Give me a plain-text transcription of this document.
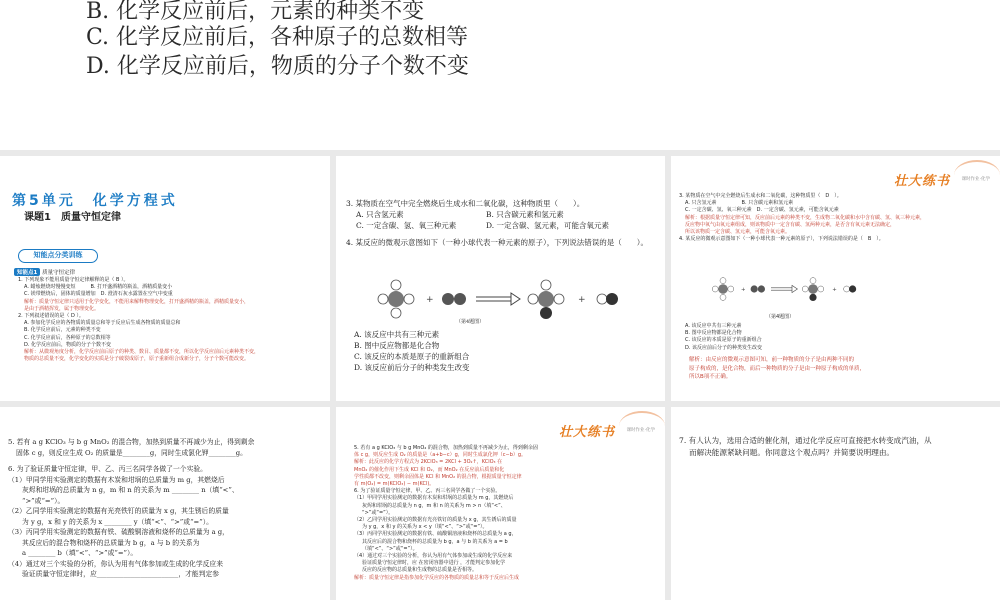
B. 化学反应前后，元素的种类不变
C. 化学反应前后，各种原子的总数相等
D. 化学反应前后，物质的分子个数不变
第5单元　化学方程式
课题1　质量守恒定律
知能点分类训练
知能点1 质量守恒定律
1. 下列现象不能用质量守恒定律解释的是（ B ）。
A. 蜡烛燃烧时慢慢变短　　　B. 打开盛酒精的瓶盖，酒精质量变小
C. 镁带燃烧后，固体的质量增加　D. 澄清石灰水露置在空气中变重
解析：质量守恒定律只适用于化学变化，不能用来解释物理变化，打开盛酒精的瓶盖，酒精质量变小，
是由于酒精挥发，属于物理变化。
2. 下列叙述错误的是（ D ）。
A. 参加化学反应的各物质的质量总和等于反应后生成各物质的质量总和
B. 化学反应前后，元素的种类不变
C. 化学反应前后，各种原子的总数相等
D. 化学反应前后，物质的分子个数不变
解析：从微观角度分析，化学反应前后原子的种类、数目、质量都不变，所以化学反应前后元素种类不变，
物质的总质量不变，化学变化的实质是分子破裂成原子，原子重新组合成新分子，分子个数可能改变。
3. 某物质在空气中完全燃烧后生成水和二氧化碳，这种物质里（　　）。
A. 只含氢元素	B. 只含碳元素和氢元素
C. 一定含碳、氢、氧三种元素	D. 一定含碳、氢元素，可能含氧元素
4. 某反应的微观示意图如下（一种小球代表一种元素的原子），下列说法错误的是（　　）。
+	+
（第4题图）
A. 该反应中共有三种元素
B. 图中反应物都是化合物
C. 该反应的本质是原子的重新组合
D. 该反应前后分子的种类发生改变
壮大练书	课时作业·化学
3. 某物质在空气中完全燃烧后生成水和二氧化碳，这种物质里（　D　）。
A. 只含氢元素　　　　　B. 只含碳元素和氢元素
C. 一定含碳、氢、氧三种元素　D. 一定含碳、氢元素，可能含氧元素
解析：根据质量守恒定律可知，反应前后元素的种类不变，生成物二氧化碳和水中含有碳、氢、氧三种元素，
反应物中氧气由氧元素组成，则该物质中一定含有碳、氢两种元素，是否含有氧元素无法确定，
所以该物质一定含碳、氢元素，可能含氧元素。
4. 某反应的微观示意图如下（一种小球代表一种元素的原子），下列说法错误的是（　B　）。
+	+
（第4题图）
A. 该反应中共有三种元素
B. 图中反应物都是化合物
C. 该反应的本质是原子的重新组合
D. 该反应前后分子的种类发生改变
解析：由反应的微观示意图可知，前一种物质的分子是由两种不同的
原子构成的，是化合物，而后一种物质的分子是由一种原子构成的单质，
所以B项不正确。
5. 若有 a g KClO₃ 与 b g MnO₂ 的混合物，加热到质量不再减少为止，得到剩余
固体 c g，则反应生成 O₂ 的质量是________g，同时生成氯化钾________g。
6. 为了验证质量守恒定律，甲、乙、丙三名同学各做了一个实验。
（1）甲同学用实验测定的数据有木炭和坩埚的总质量为 m g，其燃烧后
灰烬和坩埚的总质量为 n g，m 和 n 的关系为 m ________ n（填“<”、
“>”或“=”）。
（2）乙同学用实验测定的数据有光亮铁钉的质量为 x g，其生锈后的质量
为 y g，x 和 y 的关系为 x ________ y（填“<”、“>”或“=”）。
（3）丙同学用实验测定的数据有铁、硫酸铜溶液和烧杯的总质量为 a g，
其反应后的混合物和烧杯的总质量为 b g，a 与 b 的关系为
a ________ b（填“<”、“>”或“=”）。
（4）通过对三个实验的分析，你认为用有气体参加或生成的化学反应来
验证质量守恒定律时，应________________________，才能判定参
壮大练书	课时作业·化学
5. 若有 a g KClO₃ 与 b g MnO₂ 的混合物，加热到质量不再减少为止，得到剩余固
体 c g，则反应生成 O₂ 的质量是（a+b−c）g，同时生成氯化钾（c−b）g。
解析：此反应的化学方程式为 2KClO₃ = 2KCl + 3O₂↑，KClO₃ 在
MnO₂ 的催化作用下生成 KCl 和 O₂，而 MnO₂ 在反应前后质量和化
学性质都不改变，则剩余固体是 KCl 和 MnO₂ 的混合物，根据质量守恒定律
有 m(O₂) = m(KClO₃) − m(KCl)。
6. 为了验证质量守恒定律，甲、乙、丙三名同学各做了一个实验。
（1）甲同学用实验测定的数据有木炭和坩埚的总质量为 m g，其燃烧后
灰烬和坩埚的总质量为 n g，m 和 n 的关系为 m > n（填“<”、
“>”或“=”）。
（2）乙同学用实验测定的数据有光亮铁钉的质量为 x g，其生锈后的质量
为 y g，x 和 y 的关系为 x < y（填“<”、“>”或“=”）。
（3）丙同学用实验测定的数据有铁、硫酸铜溶液和烧杯的总质量为 a g，
其反应后的混合物和烧杯的总质量为 b g，a 与 b 的关系为 a = b
（填“<”、“>”或“=”）。
（4）通过对三个实验的分析，你认为用有气体参加或生成的化学反应来
验证质量守恒定律时，应 在密闭容器中进行 ，才能判定参加化学
反应的反应物的总质量和生成物的总质量是否相等。
解析：质量守恒定律是指参加化学反应的各物质的质量总和等于反应后生成
7. 有人认为，选用合适的催化剂，通过化学反应可直接把水转变成汽油，从
而解决能源紧缺问题。你同意这个观点吗？并简要说明理由。
